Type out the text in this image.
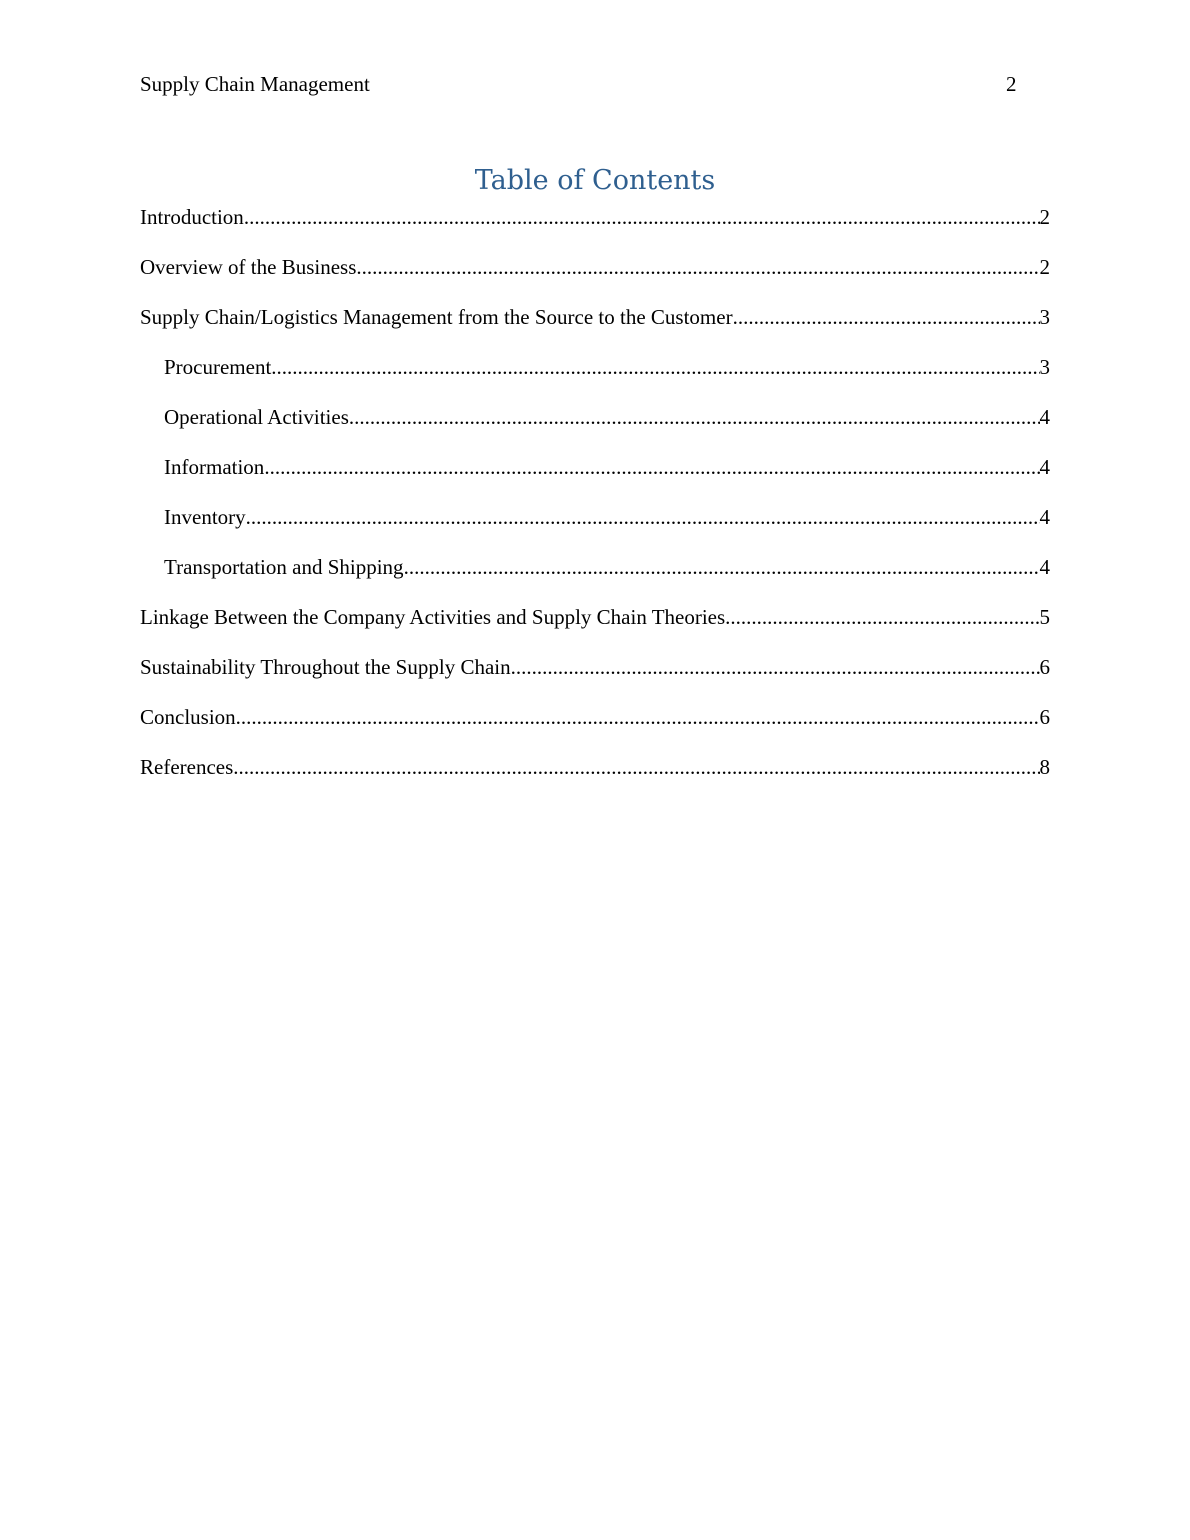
Supply Chain Management	2
Table of Contents
Introduction .....	2
Overview of the Business .....	2
Supply Chain/Logistics Management from the Source to the Customer .....	3
Procurement .....	3
Operational Activities .....	4
Information .....	4
Inventory .....	4
Transportation and Shipping .....	4
Linkage Between the Company Activities and Supply Chain Theories .....	5
Sustainability Throughout the Supply Chain .....	6
Conclusion .....	6
References .....	8
